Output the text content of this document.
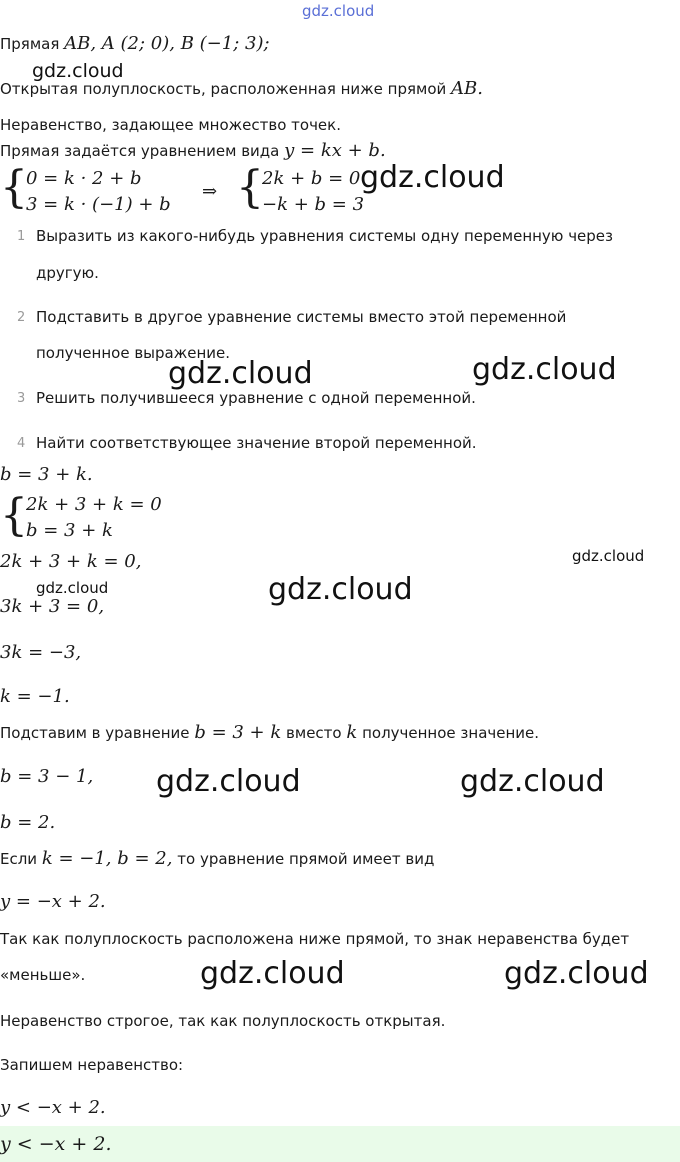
gdz.cloud
Прямая AB, A (2; 0), B (−1; 3);
gdz.cloud
Открытая полуплоскость, расположенная ниже прямой AB.
Неравенство, задающее множество точек.
Прямая задаётся уравнением вида y = kx + b.
{
0 = k · 2 + b
3 = k · (−1) + b
⇒ {
2k + b = 0
−k + b = 3
gdz.cloud
1 Выразить из какого-нибудь уравнения системы одну переменную через
другую.
2 Подставить в другое уравнение системы вместо этой переменной
полученное выражение.
gdz.cloud	gdz.cloud
3 Решить получившееся уравнение с одной переменной.
4 Найти соответствующее значение второй переменной.
b = 3 + k.
{
2k + 3 + k = 0
b = 3 + k
2k + 3 + k = 0,	gdz.cloud
gdz.cloud	gdz.cloud
3k + 3 = 0,
3k = −3,
k = −1.
Подставим в уравнение b = 3 + k вместо k полученное значение.
b = 3 − 1, gdz.cloud	gdz.cloud
b = 2.
Если k = −1, b = 2, то уравнение прямой имеет вид
y = −x + 2.
Так как полуплоскость расположена ниже прямой, то знак неравенства будет
«меньше».	gdz.cloud	gdz.cloud
Неравенство строгое, так как полуплоскость открытая.
Запишем неравенство:
y < −x + 2.
y < −x + 2.
